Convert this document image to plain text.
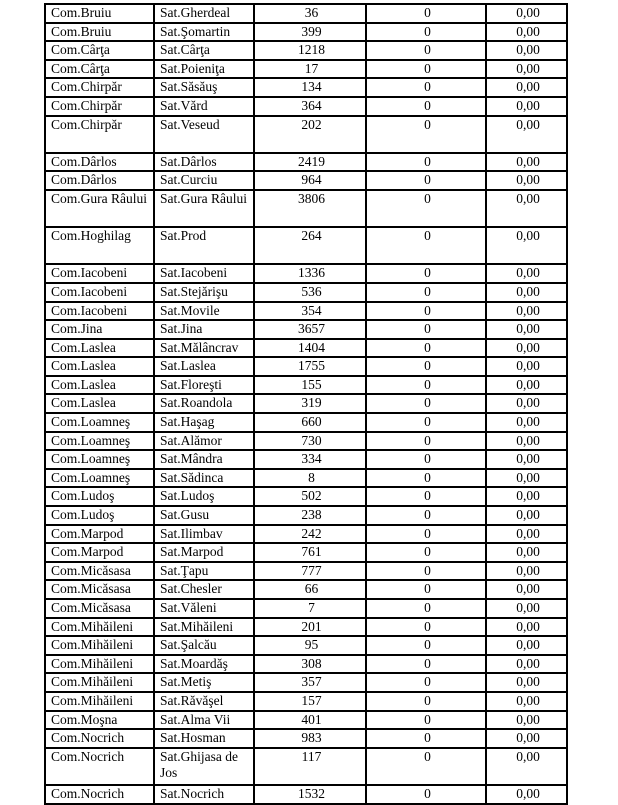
Com.Bruiu	Sat.Gherdeal	36	0	0,00
Com.Bruiu	Sat.Şomartin	399	0	0,00
Com.Cârţa	Sat.Cârţa	1218	0	0,00
Com.Cârţa	Sat.Poieniţa	17	0	0,00
Com.Chirpăr	Sat.Săsăuş	134	0	0,00
Com.Chirpăr	Sat.Vărd	364	0	0,00
Com.Chirpăr	Sat.Veseud	202	0	0,00
Com.Dârlos	Sat.Dârlos	2419	0	0,00
Com.Dârlos	Sat.Curciu	964	0	0,00
Com.Gura Râului	Sat.Gura Râului	3806	0	0,00
Com.Hoghilag	Sat.Prod	264	0	0,00
Com.Iacobeni	Sat.Iacobeni	1336	0	0,00
Com.Iacobeni	Sat.Stejărişu	536	0	0,00
Com.Iacobeni	Sat.Movile	354	0	0,00
Com.Jina	Sat.Jina	3657	0	0,00
Com.Laslea	Sat.Mălâncrav	1404	0	0,00
Com.Laslea	Sat.Laslea	1755	0	0,00
Com.Laslea	Sat.Floreşti	155	0	0,00
Com.Laslea	Sat.Roandola	319	0	0,00
Com.Loamneş	Sat.Haşag	660	0	0,00
Com.Loamneş	Sat.Alămor	730	0	0,00
Com.Loamneş	Sat.Mândra	334	0	0,00
Com.Loamneş	Sat.Sădinca	8	0	0,00
Com.Ludoş	Sat.Ludoş	502	0	0,00
Com.Ludoş	Sat.Gusu	238	0	0,00
Com.Marpod	Sat.Ilimbav	242	0	0,00
Com.Marpod	Sat.Marpod	761	0	0,00
Com.Micăsasa	Sat.Ţapu	777	0	0,00
Com.Micăsasa	Sat.Chesler	66	0	0,00
Com.Micăsasa	Sat.Văleni	7	0	0,00
Com.Mihăileni	Sat.Mihăileni	201	0	0,00
Com.Mihăileni	Sat.Şalcău	95	0	0,00
Com.Mihăileni	Sat.Moardăş	308	0	0,00
Com.Mihăileni	Sat.Metiş	357	0	0,00
Com.Mihăileni	Sat.Răvăşel	157	0	0,00
Com.Moşna	Sat.Alma Vii	401	0	0,00
Com.Nocrich	Sat.Hosman	983	0	0,00
Com.Nocrich	Sat.Ghijasa de Jos	117	0	0,00
Com.Nocrich	Sat.Nocrich	1532	0	0,00
